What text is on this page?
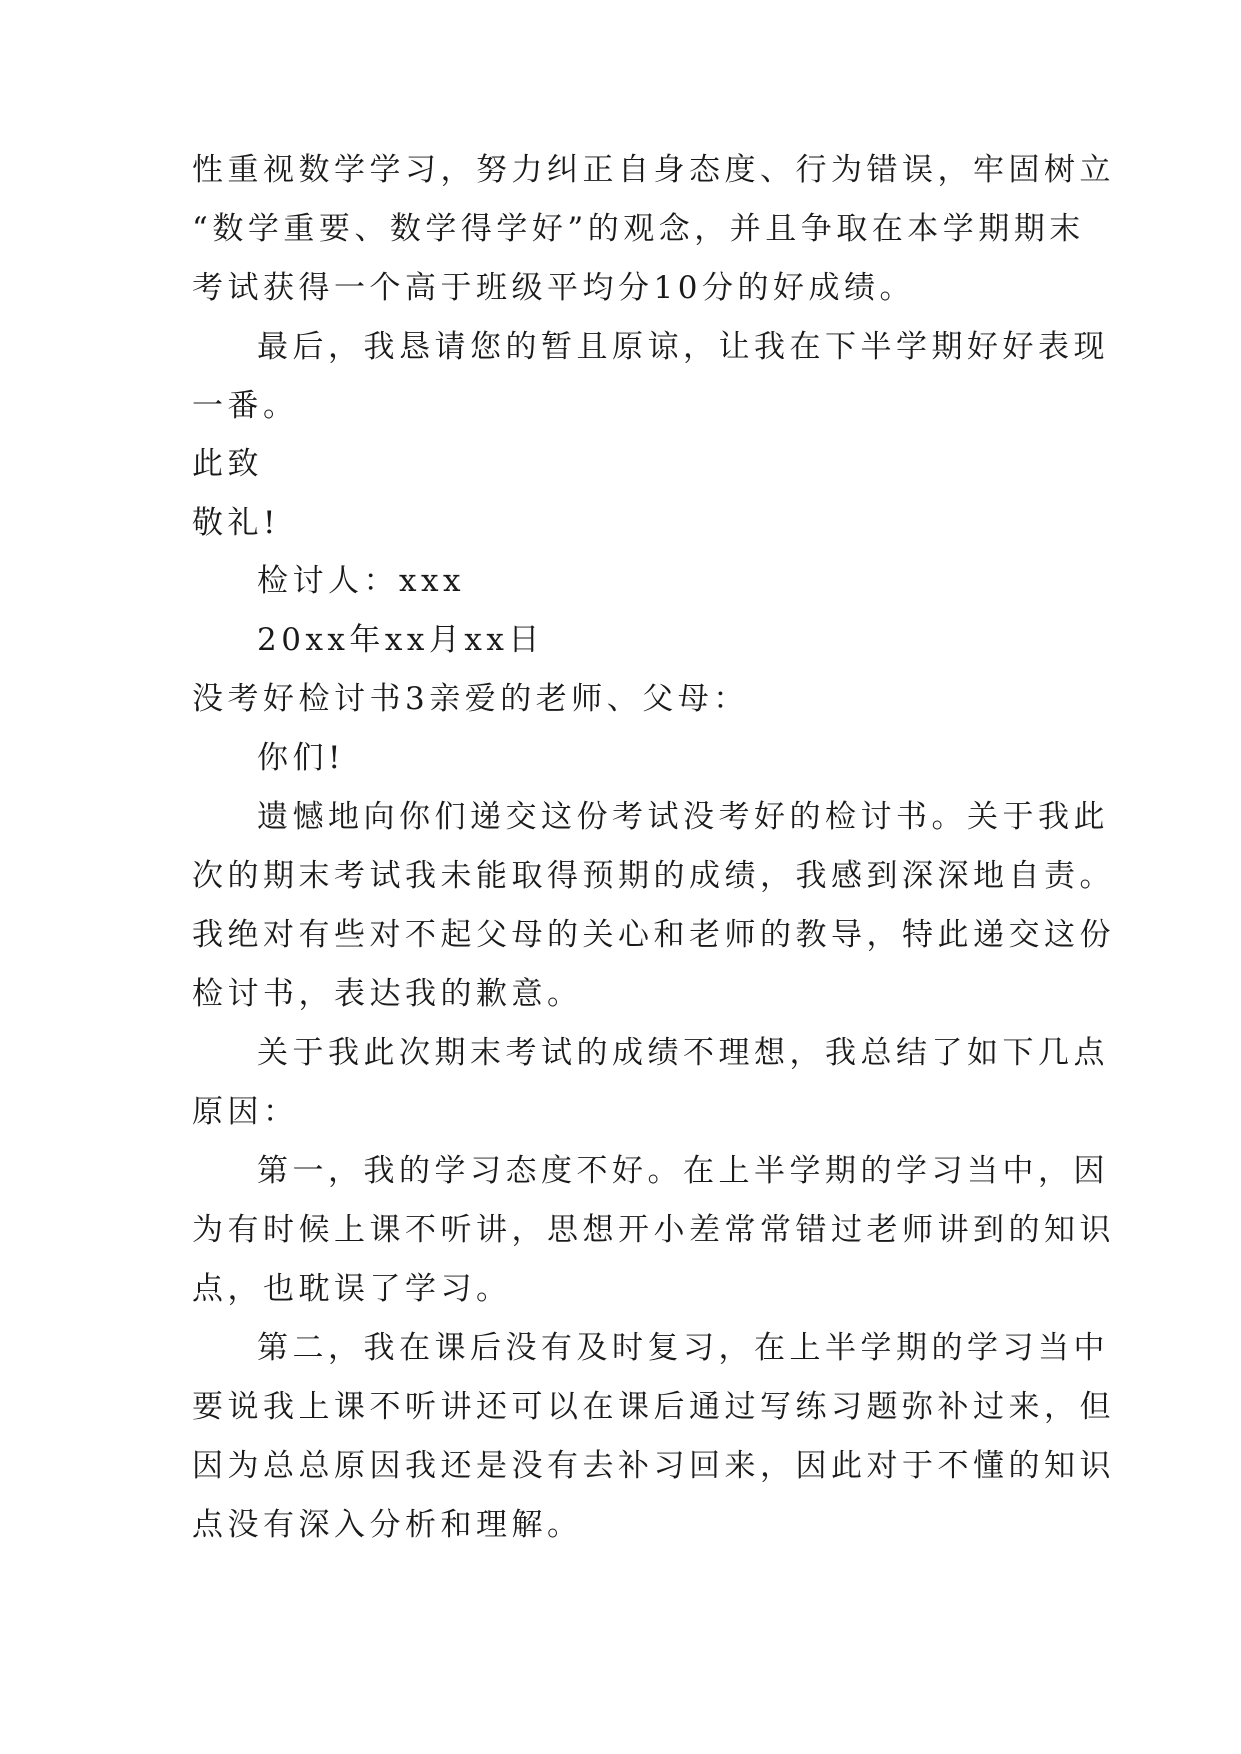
性重视数学学习，努力纠正自身态度、行为错误，牢固树立
“数学重要、数学得学好”的观念，并且争取在本学期期末
考试获得一个高于班级平均分10分的好成绩。
最后，我恳请您的暂且原谅，让我在下半学期好好表现
一番。
此致
敬礼!
检讨人：xxx
20xx年xx月xx日
没考好检讨书3亲爱的老师、父母：
你们!
遗憾地向你们递交这份考试没考好的检讨书。关于我此
次的期末考试我未能取得预期的成绩，我感到深深地自责。
我绝对有些对不起父母的关心和老师的教导，特此递交这份
检讨书，表达我的歉意。
关于我此次期末考试的成绩不理想，我总结了如下几点
原因：
第一，我的学习态度不好。在上半学期的学习当中，因
为有时候上课不听讲，思想开小差常常错过老师讲到的知识
点，也耽误了学习。
第二，我在课后没有及时复习，在上半学期的学习当中
要说我上课不听讲还可以在课后通过写练习题弥补过来，但
因为总总原因我还是没有去补习回来，因此对于不懂的知识
点没有深入分析和理解。
